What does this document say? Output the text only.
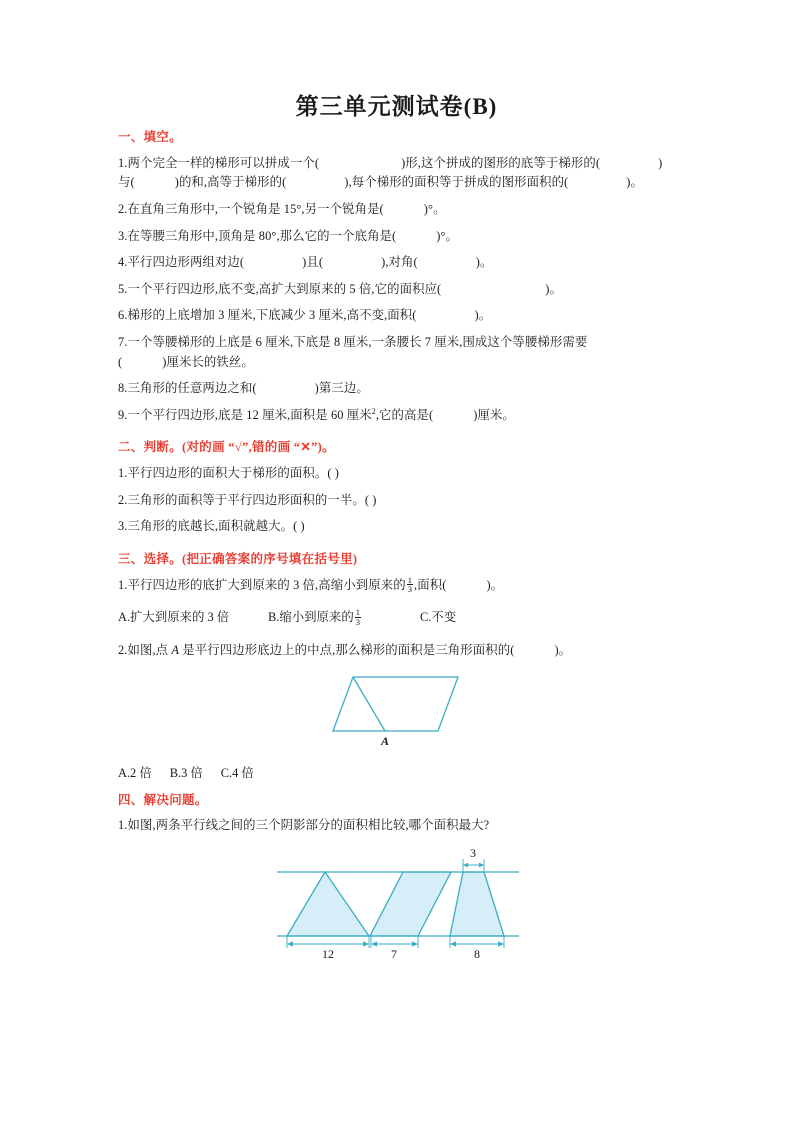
第三单元测试卷(B)
一、填空。

1.两个完全一样的梯形可以拼成一个(	)形,这个拼成的图形的底等于梯形的(	)
与(	)的和,高等于梯形的(	),每个梯形的面积等于拼成的图形面积的(	)。

2.在直角三角形中,一个锐角是 15°,另一个锐角是(	)°。

3.在等腰三角形中,顶角是 80°,那么它的一个底角是(	)°。

4.平行四边形两组对边(	)且(	),对角(	)。

5.一个平行四边形,底不变,高扩大到原来的 5 倍,它的面积应(	)。

6.梯形的上底增加 3 厘米,下底减少 3 厘米,高不变,面积(	)。

7.一个等腰梯形的上底是 6 厘米,下底是 8 厘米,一条腰长 7 厘米,围成这个等腰梯形需要
(	)厘米长的铁丝。

8.三角形的任意两边之和(	)第三边。

9.一个平行四边形,底是 12 厘米,面积是 60 厘米$^2$,它的高是(	)厘米。

二、判断。(对的画 “√”,错的画 “✕”)。

1.平行四边形的面积大于梯形的面积。( )

2.三角形的面积等于平行四边形面积的一半。( )

3.三角形的底越长,面积就越大。( )

三、选择。(把正确答案的序号填在括号里)

1.平行四边形的底扩大到原来的 3 倍,高缩小到原来的 $\frac{1}{3}$ ,面积(	)。

A.扩大到原来的 3 倍	B.缩小到原来的 $\frac{1}{3}$	C.不变

2.如图,点 A 是平行四边形底边上的中点,那么梯形的面积是三角形面积的(	)。

A

A.2 倍 B.3 倍 C.4 倍

四、解决问题。

1.如图,两条平行线之间的三个阴影部分的面积相比较,哪个面积最大?

3
12	7	8
